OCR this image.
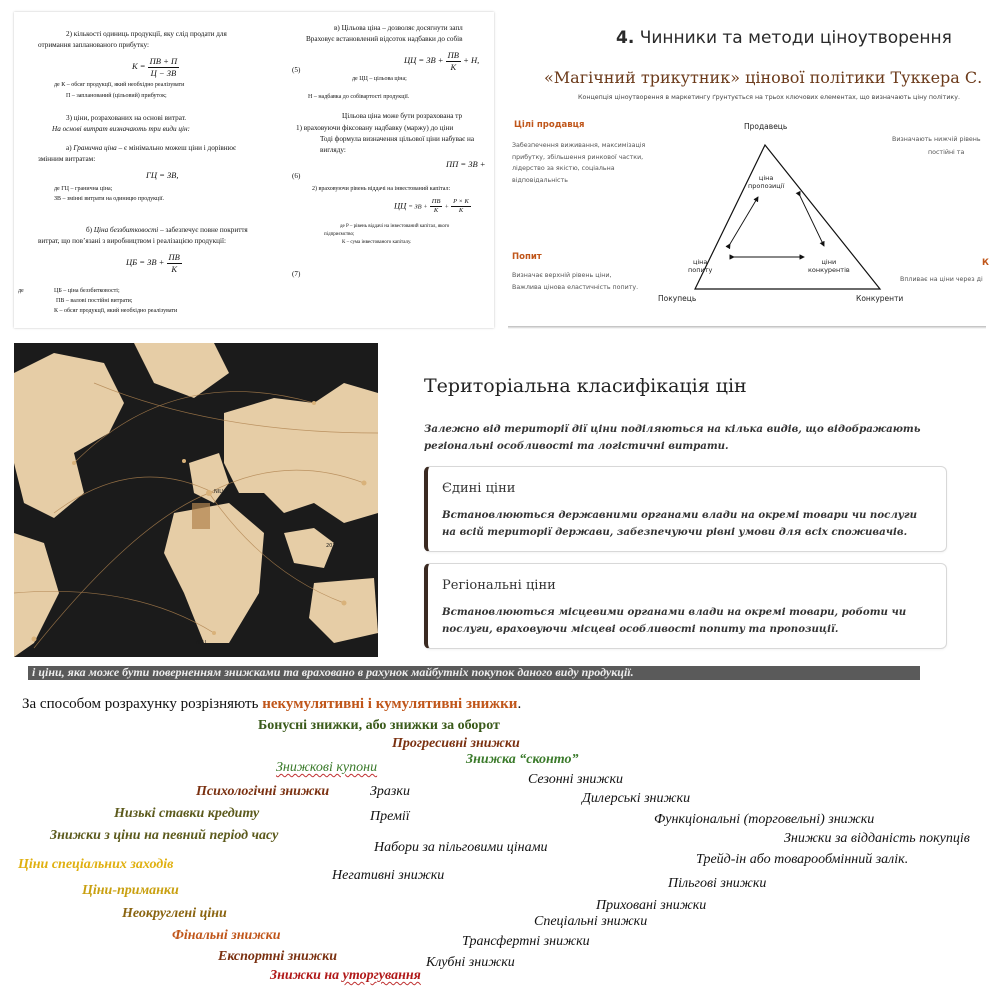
2) кількості одиниць продукції, яку слід продати для
отримання запланованого прибутку:
$К = \frac{ПВ + П}{Ц - ЗВ}$
де К – обсяг продукції, який необхідно реалізувати
П – запланований (цільовий) прибуток;
3) ціни, розрахованих на основі витрат.
На основі витрат визначають три види цін:
а) Гранична ціна – є мінімально можеш ціни і дорівнює
змінним витратам:
ГЦ = ЗВ,
де ГЦ – гранична ціна;
ЗВ – змінні витрати на одиницю продукції.
б) Ціна беззбитковості – забезпечує повне покриття
витрат, що пов’язані з виробництвом і реалізацією продукції:
ЦБ = ЗВ + $\frac{ПВ}{К}$
де	ЦБ – ціна беззбитковості;
ПВ – валові постійні витрати;
К – обсяг продукції, який необхідно реалізувати
(5)
(6)
(7)
в) Цільова ціна – дозволяє досягнути запл
Враховує встановлений відсоток надбавки до собів
ЦЦ = ЗВ + $\frac{ПВ}{К} + Н$,
де ЦЦ – цільова ціна;
Н – надбавка до собівартості продукції.
Цільова ціна може бути розрахована тр
1) враховуючи фіксовану надбавку (маржу) до ціни
Тоді формула визначення цільової ціни набуває на
вигляду:
ПП = ЗВ +
2) враховуючи рівень віддачі на інвестований капітал:
ЦЦ = ЗВ + $\frac{ПВ}{К} + \frac{P \times K}{К}$
де P – рівень віддачі на інвестований капітал, якого
підприємство;
К – сума інвестованого капіталу.
4. Чинники та методи ціноутворення
«Магічний трикутник» цінової політики Туккера С.
Концепція ціноутворення в маркетингу ґрунтується на трьох ключових елементах, що визначають ціну політику.
Цілі продавця
Забезпечення виживання, максимізація
прибутку, збільшення ринкової частки,
лідерство за якістю, соціальна
відповідальність
Попит
Визначає верхній рівень ціни,
Важлива цінова еластичність попиту.
Визначають нижчій рівень
постійні та
К
Впливає на ціни через ді
Продавець
Покупець	Конкуренти
ціна
пропозиції
ціна
попиту
ціни
конкурентів
BILJO
NILIO
201A
ALLI
Територіальна класифікація цін
Залежно від території дії ціни поділяються на кілька видів, що відображають регіональні особливості та логістичні витрати.
Єдині ціни
Встановлюються державними органами влади на окремі товари чи послуги на всій території держави, забезпечуючи рівні умови для всіх споживачів.
Регіональні ціни
Встановлюються місцевими органами влади на окремі товари, роботи чи послуги, враховуючи місцеві особливості попиту та пропозиції.
і ціни, яка може бути поверненням знижками та враховано в рахунок майбутніх покупок даного виду продукції.
За способом розрахунку розрізняють некумулятивні і кумулятивні знижки.
Бонусні знижки, або знижки за оборот
Прогресивні знижки
Знижка “сконто”
Знижкові купони
Сезонні знижки
Психологічні знижки	Зразки	Дилерські знижки
Низькі ставки кредиту	Премії	Функціональні (торговельні) знижки
Знижки з ціни на певний період часу	Знижки за відданість покупців
Набори за пільговими цінами
Ціни спеціальних заходів	Трейд-ін або товарообмінний залік.
Негативні знижки
Ціни-приманки	Пільгові знижки
Приховані знижки
Неокруглені ціни
Спеціальні знижки
Фінальні знижки	Трансфертні знижки
Експортні знижки	Клубні знижки
Знижки на уторгування
